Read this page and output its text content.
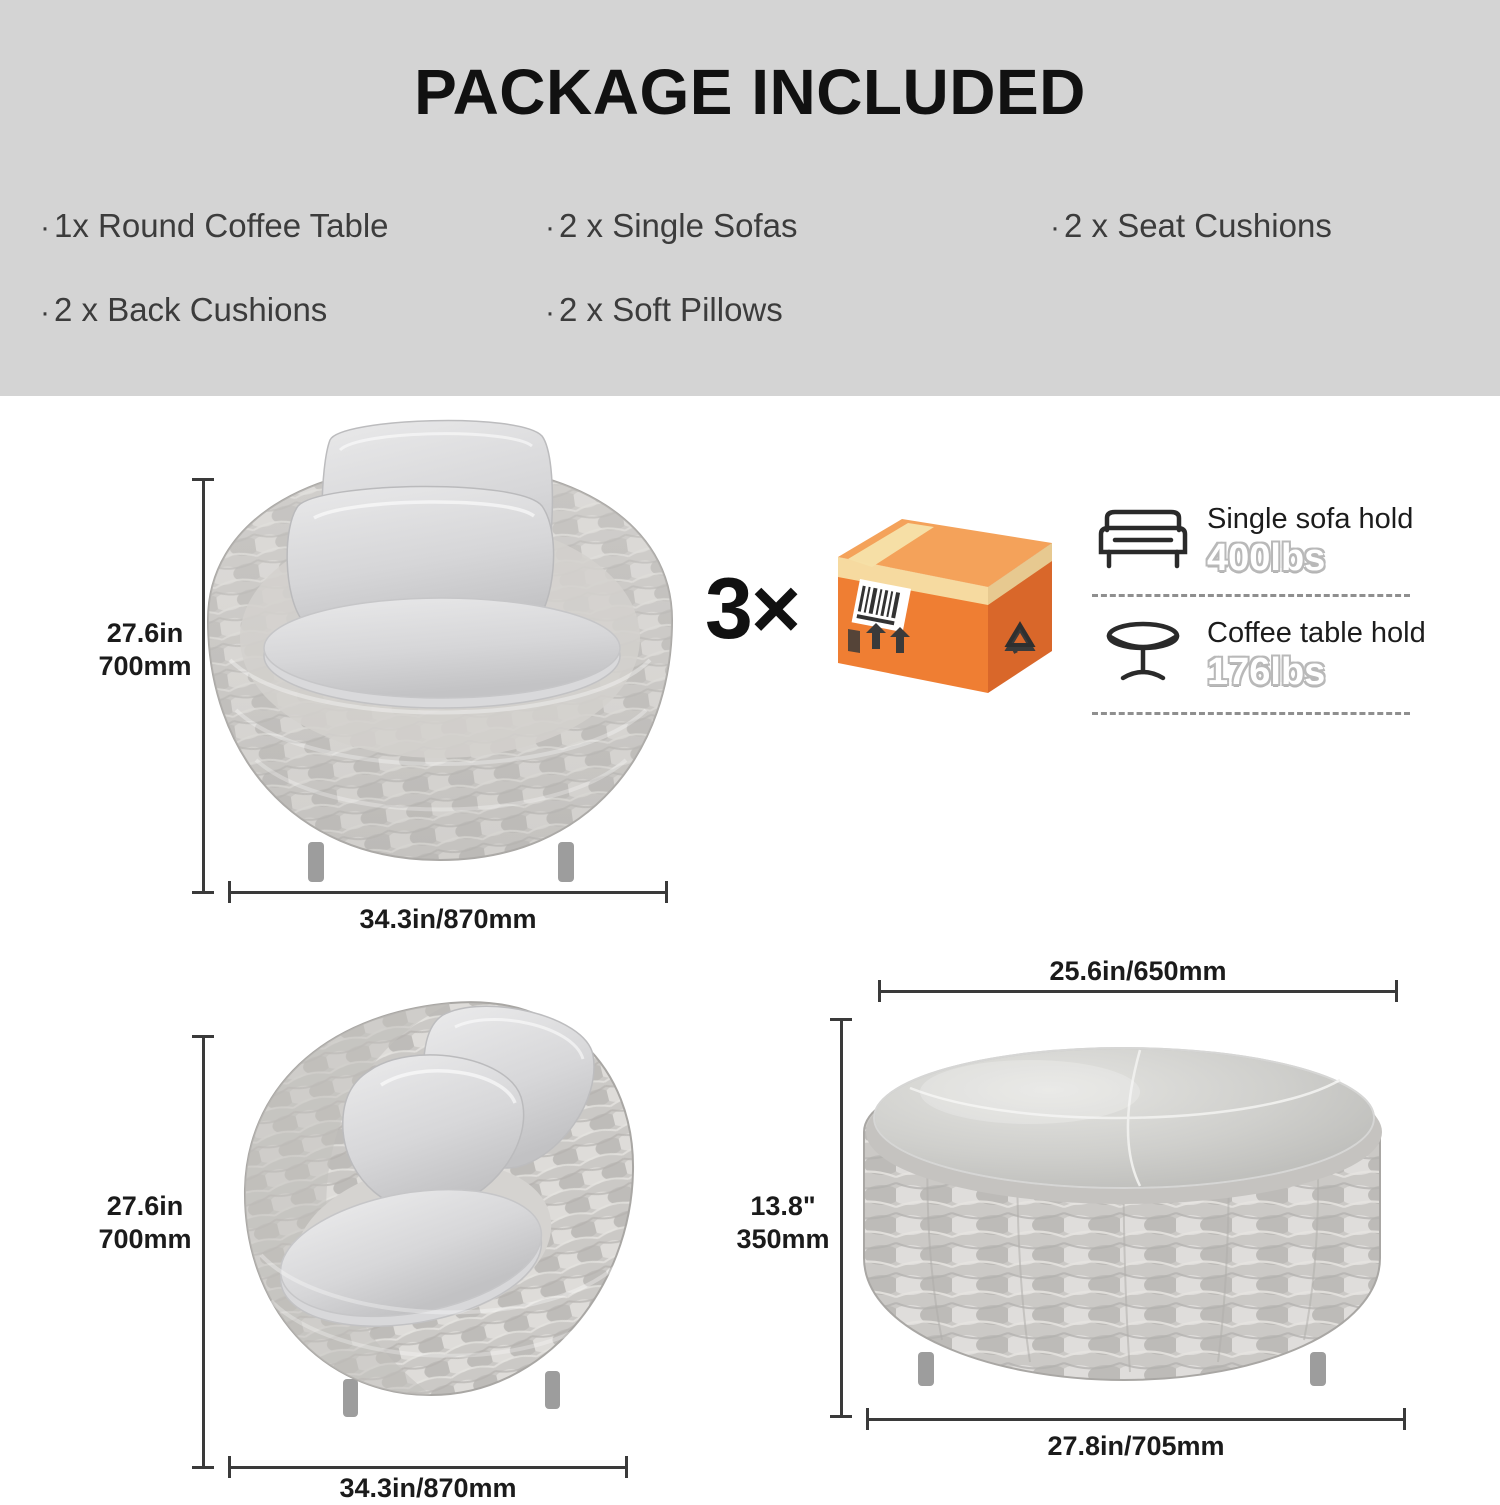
PACKAGE INCLUDED
· 1x Round Coffee Table	· 2 x Single Sofas	· 2 x Seat Cushions
· 2 x Back Cushions	· 2 x Soft Pillows
27.6in
700mm
34.3in/870mm
3×
Single sofa hold
400lbs
Coffee table hold
176lbs
27.6in
700mm
34.3in/870mm
25.6in/650mm
13.8"
350mm
27.8in/705mm
